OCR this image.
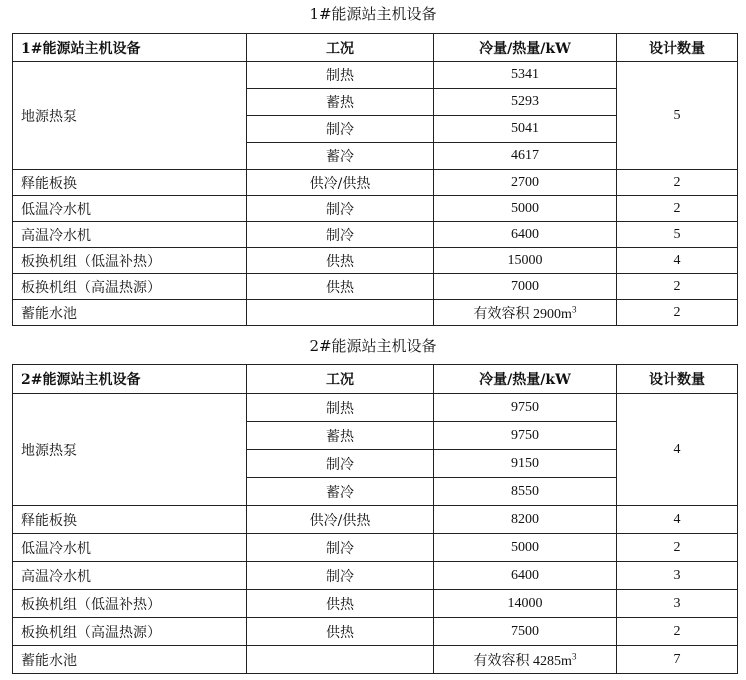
1#能源站主机设备
1#能源站主机设备	工况	冷量/热量/kW	设计数量
地源热泵	制热	5341	5
	蓄热	5293	
	制冷	5041	
	蓄冷	4617	
释能板换	供冷/供热	2700	2
低温冷水机	制冷	5000	2
高温冷水机	制冷	6400	5
板换机组（低温补热）	供热	15000	4
板换机组（高温热源）	供热	7000	2
蓄能水池		有效容积 $2900m^3$	2
2#能源站主机设备
2#能源站主机设备	工况	冷量/热量/kW	设计数量
地源热泵	制热	9750	4
	蓄热	9750	
	制冷	9150	
	蓄冷	8550	
释能板换	供冷/供热	8200	4
低温冷水机	制冷	5000	2
高温冷水机	制冷	6400	3
板换机组（低温补热）	供热	14000	3
板换机组（高温热源）	供热	7500	2
蓄能水池		有效容积 $4285m^3$	7
